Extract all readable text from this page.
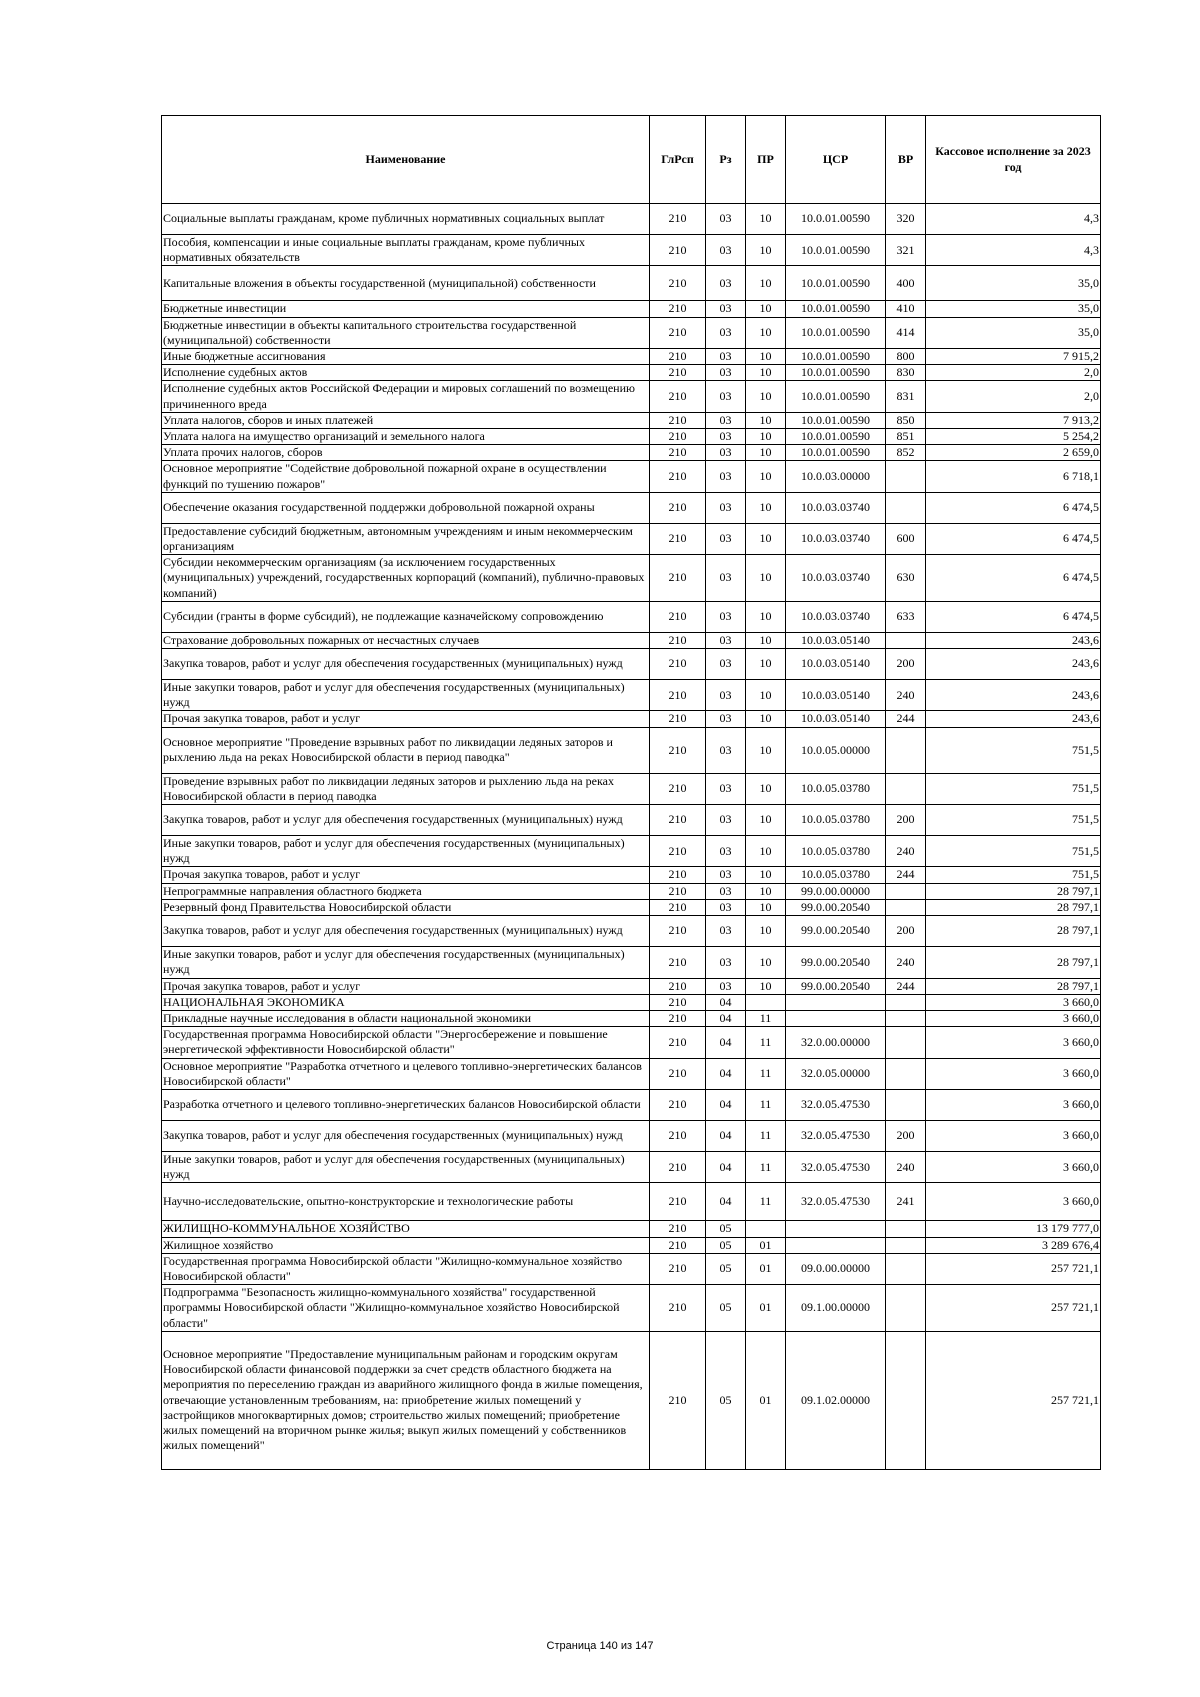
Наименование	ГлРсп	Рз	ПР	ЦСР	ВР	Кассовое исполнение за 2023 год
Социальные выплаты гражданам, кроме публичных нормативных социальных выплат	210	03	10	10.0.01.00590	320	4,3
Пособия, компенсации и иные социальные выплаты гражданам, кроме публичных нормативных обязательств	210	03	10	10.0.01.00590	321	4,3
Капитальные вложения в объекты государственной (муниципальной) собственности	210	03	10	10.0.01.00590	400	35,0
Бюджетные инвестиции	210	03	10	10.0.01.00590	410	35,0
Бюджетные инвестиции в объекты капитального строительства государственной (муниципальной) собственности	210	03	10	10.0.01.00590	414	35,0
Иные бюджетные ассигнования	210	03	10	10.0.01.00590	800	7 915,2
Исполнение судебных актов	210	03	10	10.0.01.00590	830	2,0
Исполнение судебных актов Российской Федерации и мировых соглашений по возмещению причиненного вреда	210	03	10	10.0.01.00590	831	2,0
Уплата налогов, сборов и иных платежей	210	03	10	10.0.01.00590	850	7 913,2
Уплата налога на имущество организаций и земельного налога	210	03	10	10.0.01.00590	851	5 254,2
Уплата прочих налогов, сборов	210	03	10	10.0.01.00590	852	2 659,0
Основное мероприятие "Содействие добровольной пожарной охране в осуществлении функций по тушению пожаров"	210	03	10	10.0.03.00000		6 718,1
Обеспечение оказания государственной поддержки добровольной пожарной охраны	210	03	10	10.0.03.03740		6 474,5
Предоставление субсидий бюджетным, автономным учреждениям и иным некоммерческим организациям	210	03	10	10.0.03.03740	600	6 474,5
Субсидии некоммерческим организациям (за исключением государственных (муниципальных) учреждений, государственных корпораций (компаний), публично-правовых компаний)	210	03	10	10.0.03.03740	630	6 474,5
Субсидии (гранты в форме субсидий), не подлежащие казначейскому сопровождению	210	03	10	10.0.03.03740	633	6 474,5
Страхование добровольных пожарных от несчастных случаев	210	03	10	10.0.03.05140		243,6
Закупка товаров, работ и услуг для обеспечения государственных (муниципальных) нужд	210	03	10	10.0.03.05140	200	243,6
Иные закупки товаров, работ и услуг для обеспечения государственных (муниципальных) нужд	210	03	10	10.0.03.05140	240	243,6
Прочая закупка товаров, работ и услуг	210	03	10	10.0.03.05140	244	243,6
Основное мероприятие "Проведение взрывных работ по ликвидации ледяных заторов и рыхлению льда на реках Новосибирской области в период паводка"	210	03	10	10.0.05.00000		751,5
Проведение взрывных работ по ликвидации ледяных заторов и рыхлению льда на реках Новосибирской области в период паводка	210	03	10	10.0.05.03780		751,5
Закупка товаров, работ и услуг для обеспечения государственных (муниципальных) нужд	210	03	10	10.0.05.03780	200	751,5
Иные закупки товаров, работ и услуг для обеспечения государственных (муниципальных) нужд	210	03	10	10.0.05.03780	240	751,5
Прочая закупка товаров, работ и услуг	210	03	10	10.0.05.03780	244	751,5
Непрограммные направления областного бюджета	210	03	10	99.0.00.00000		28 797,1
Резервный фонд Правительства Новосибирской области	210	03	10	99.0.00.20540		28 797,1
Закупка товаров, работ и услуг для обеспечения государственных (муниципальных) нужд	210	03	10	99.0.00.20540	200	28 797,1
Иные закупки товаров, работ и услуг для обеспечения государственных (муниципальных) нужд	210	03	10	99.0.00.20540	240	28 797,1
Прочая закупка товаров, работ и услуг	210	03	10	99.0.00.20540	244	28 797,1
НАЦИОНАЛЬНАЯ ЭКОНОМИКА	210	04				3 660,0
Прикладные научные исследования в области национальной экономики	210	04	11			3 660,0
Государственная программа Новосибирской области "Энергосбережение и повышение энергетической эффективности Новосибирской области"	210	04	11	32.0.00.00000		3 660,0
Основное мероприятие "Разработка отчетного и целевого топливно-энергетических балансов Новосибирской области"	210	04	11	32.0.05.00000		3 660,0
Разработка отчетного и целевого топливно-энергетических балансов Новосибирской области	210	04	11	32.0.05.47530		3 660,0
Закупка товаров, работ и услуг для обеспечения государственных (муниципальных) нужд	210	04	11	32.0.05.47530	200	3 660,0
Иные закупки товаров, работ и услуг для обеспечения государственных (муниципальных) нужд	210	04	11	32.0.05.47530	240	3 660,0
Научно-исследовательские, опытно-конструкторские и технологические работы	210	04	11	32.0.05.47530	241	3 660,0
ЖИЛИЩНО-КОММУНАЛЬНОЕ ХОЗЯЙСТВО	210	05				13 179 777,0
Жилищное хозяйство	210	05	01			3 289 676,4
Государственная программа Новосибирской области "Жилищно-коммунальное хозяйство Новосибирской области"	210	05	01	09.0.00.00000		257 721,1
Подпрограмма "Безопасность жилищно-коммунального хозяйства" государственной программы Новосибирской области "Жилищно-коммунальное хозяйство Новосибирской области"	210	05	01	09.1.00.00000		257 721,1
Основное мероприятие "Предоставление муниципальным районам и городским округам Новосибирской области финансовой поддержки за счет средств областного бюджета на мероприятия по переселению граждан из аварийного жилищного фонда в жилые помещения, отвечающие установленным требованиям, на: приобретение жилых помещений у застройщиков многоквартирных домов; строительство жилых помещений; приобретение жилых помещений на вторичном рынке жилья; выкуп жилых помещений у собственников жилых помещений"	210	05	01	09.1.02.00000		257 721,1
Страница 140 из 147
